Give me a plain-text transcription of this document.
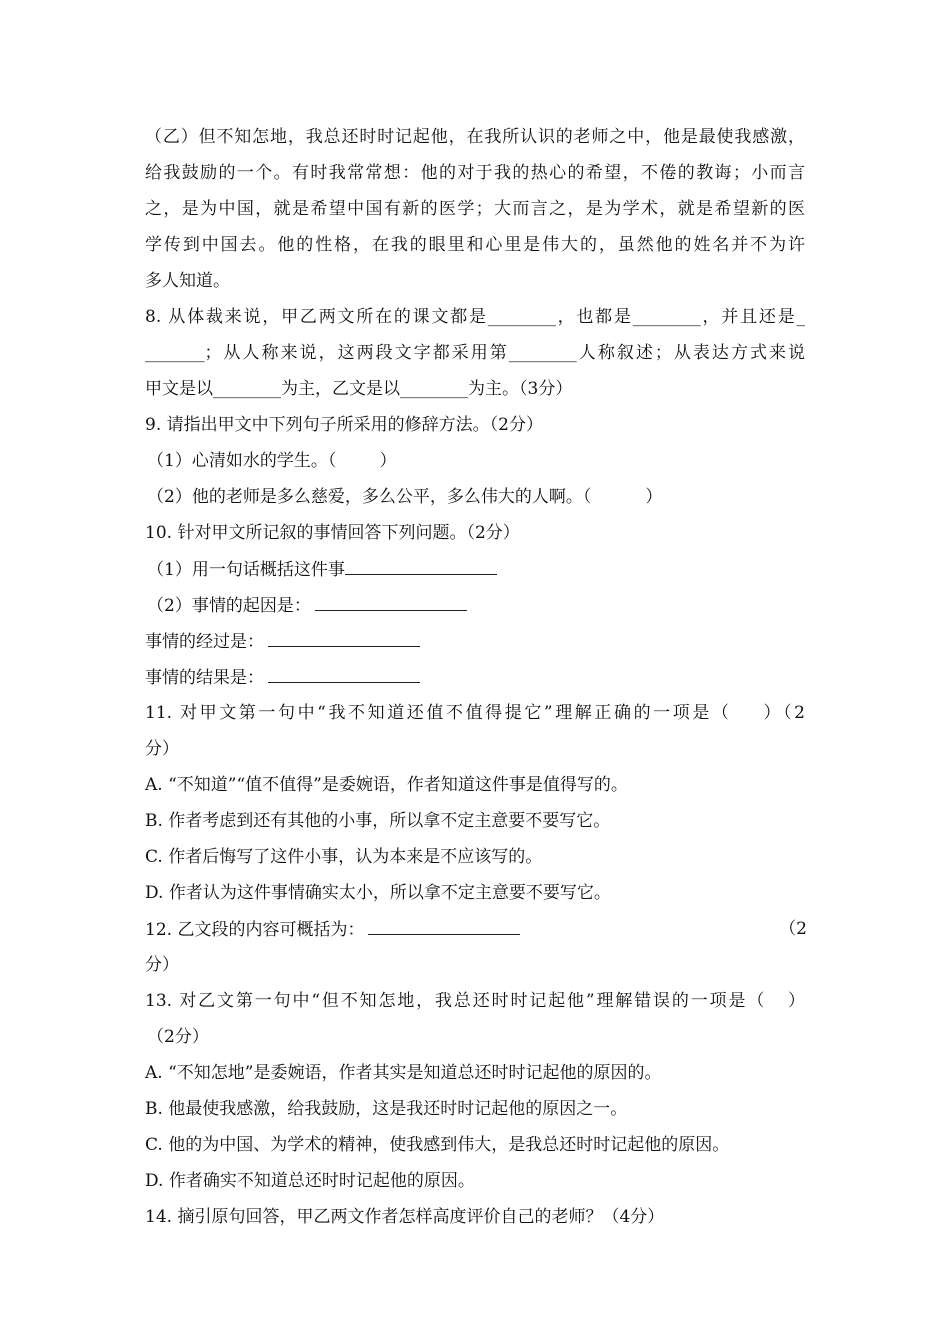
（乙）但不知怎地，我总还时时记起他，在我所认识的老师之中，他是最使我感激，
给我鼓励的一个。有时我常常想：他的对于我的热心的希望，不倦的教诲；小而言
之，是为中国，就是希望中国有新的医学；大而言之，是为学术，就是希望新的医
学传到中国去。他的性格，在我的眼里和心里是伟大的，虽然他的姓名并不为许
多人知道。
8. 从体裁来说，甲乙两文所在的课文都是________，也都是________，并且还是_
_______；从人称来说，这两段文字都采用第________人称叙述；从表达方式来说
甲文是以________为主，乙文是以________为主。（3分）
9. 请指出甲文中下列句子所采用的修辞方法。（2分）
（1）心清如水的学生。（        ）
（2）他的老师是多么慈爱，多么公平，多么伟大的人啊。（          ）
10. 针对甲文所记叙的事情回答下列问题。（2分）
（1）用一句话概括这件事
（2）事情的起因是：
事情的经过是：
事情的结果是：
11. 对甲文第一句中“我不知道还值不值得提它”理解正确的一项是（    ）（2
分）
A. “不知道”“值不值得”是委婉语，作者知道这件事是值得写的。
B. 作者考虑到还有其他的小事，所以拿不定主意要不要写它。
C. 作者后悔写了这件小事，认为本来是不应该写的。
D. 作者认为这件事情确实太小，所以拿不定主意要不要写它。
12. 乙文段的内容可概括为：	（2
分）
13. 对乙文第一句中“但不知怎地，我总还时时记起他”理解错误的一项是（   ）
（2分）
A. “不知怎地”是委婉语，作者其实是知道总还时时记起他的原因的。
B. 他最使我感激，给我鼓励，这是我还时时记起他的原因之一。
C. 他的为中国、为学术的精神，使我感到伟大，是我总还时时记起他的原因。
D. 作者确实不知道总还时时记起他的原因。
14. 摘引原句回答，甲乙两文作者怎样高度评价自己的老师？（4分）
